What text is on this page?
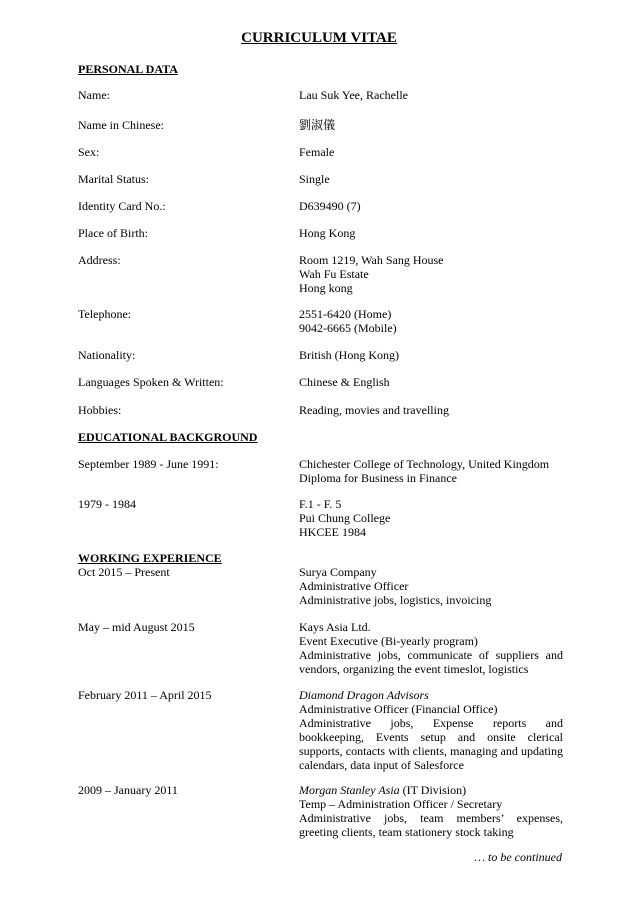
CURRICULUM VITAE
PERSONAL DATA
Name:	Lau Suk Yee, Rachelle
Name in Chinese:	劉淑儀
Sex:	Female
Marital Status:	Single
Identity Card No.:	D639490 (7)
Place of Birth:	Hong Kong
Address:	Room 1219, Wah Sang House
Wah Fu Estate
Hong kong
Telephone:	2551-6420 (Home)
9042-6665 (Mobile)
Nationality:	British (Hong Kong)
Languages Spoken & Written:	Chinese & English
Hobbies:	Reading, movies and travelling
EDUCATIONAL BACKGROUND
September 1989 - June 1991:	Chichester College of Technology, United Kingdom
Diploma for Business in Finance
1979 - 1984	F.1 - F. 5
Pui Chung College
HKCEE 1984
WORKING EXPERIENCE
Oct 2015 – Present	Surya Company
Administrative Officer
Administrative jobs, logistics, invoicing
May – mid August 2015	Kays Asia Ltd.
Event Executive (Bi-yearly program)
Administrative jobs, communicate of suppliers and vendors, organizing the event timeslot, logistics
February 2011 – April 2015	Diamond Dragon Advisors
Administrative Officer (Financial Office)
Administrative jobs, Expense reports and bookkeeping, Events setup and onsite clerical supports, contacts with clients, managing and updating calendars, data input of Salesforce
2009 – January 2011	Morgan Stanley Asia (IT Division)
Temp – Administration Officer / Secretary
Administrative jobs, team members’ expenses, greeting clients, team stationery stock taking
… to be continued
